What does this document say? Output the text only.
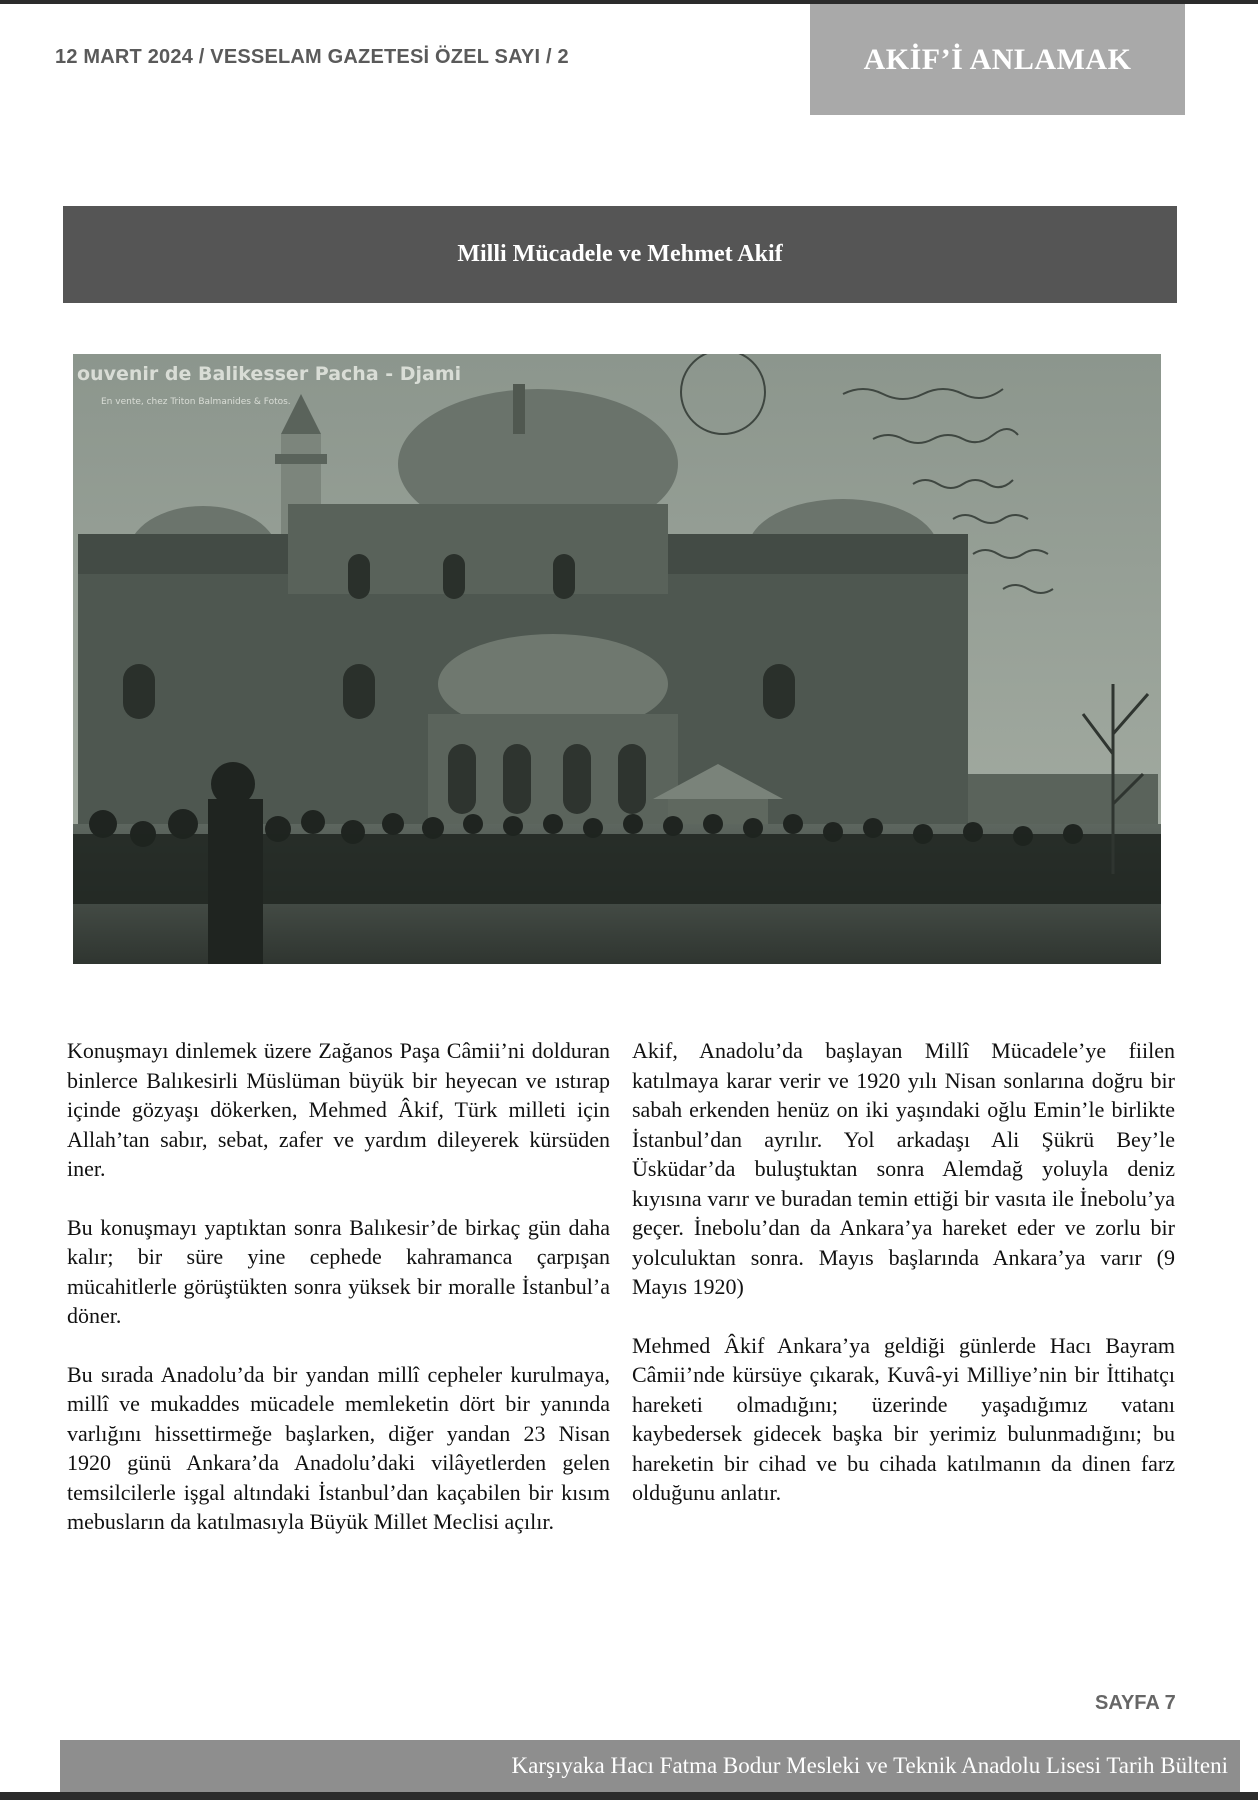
12 MART 2024 / VESSELAM GAZETESİ ÖZEL SAYI / 2	AKİF’İ ANLAMAK
Milli Mücadele ve Mehmet Akif
ouvenir de Balikesser Pacha - Djami
En vente, chez Triton Balmanides & Fotos.

Konuşmayı dinlemek üzere Zağanos Paşa Câmii’ni dolduran binlerce Balıkesirli Müslüman büyük bir heyecan ve ıstırap içinde gözyaşı dökerken, Mehmed Âkif, Türk milleti için Allah’tan sabır, sebat, zafer ve yardım dileyerek kürsüden iner.

Bu konuşmayı yaptıktan sonra Balıkesir’de birkaç gün daha kalır; bir süre yine cephede kahramanca çarpışan mücahitlerle görüştükten sonra yüksek bir moralle İstanbul’a döner.

Bu sırada Anadolu’da bir yandan millî cepheler kurulmaya, millî ve mukaddes mücadele memleketin dört bir yanında varlığını hissettirmeğe başlarken, diğer yandan 23 Nisan 1920 günü Ankara’da Anadolu’daki vilâyetlerden gelen temsilcilerle işgal altındaki İstanbul’dan kaçabilen bir kısım mebusların da katılmasıyla Büyük Millet Meclisi açılır.

Akif, Anadolu’da başlayan Millî Mücadele’ye fiilen katılmaya karar verir ve 1920 yılı Nisan sonlarına doğru bir sabah erkenden henüz on iki yaşındaki oğlu Emin’le birlikte İstanbul’dan ayrılır. Yol arkadaşı Ali Şükrü Bey’le Üsküdar’da buluştuktan sonra Alemdağ yoluyla deniz kıyısına varır ve buradan temin ettiği bir vasıta ile İnebolu’ya geçer. İnebolu’dan da Ankara’ya hareket eder ve zorlu bir yolculuktan sonra. Mayıs başlarında Ankara’ya varır (9 Mayıs 1920)

Mehmed Âkif Ankara’ya geldiği günlerde Hacı Bayram Câmii’nde kürsüye çıkarak, Kuvâ-yi Milliye’nin bir İttihatçı hareketi olmadığını; üzerinde yaşadığımız vatanı kaybedersek gidecek başka bir yerimiz bulunmadığını; bu hareketin bir cihad ve bu cihada katılmanın da dinen farz olduğunu anlatır.

SAYFA 7
Karşıyaka Hacı Fatma Bodur Mesleki ve Teknik Anadolu Lisesi Tarih Bülteni
